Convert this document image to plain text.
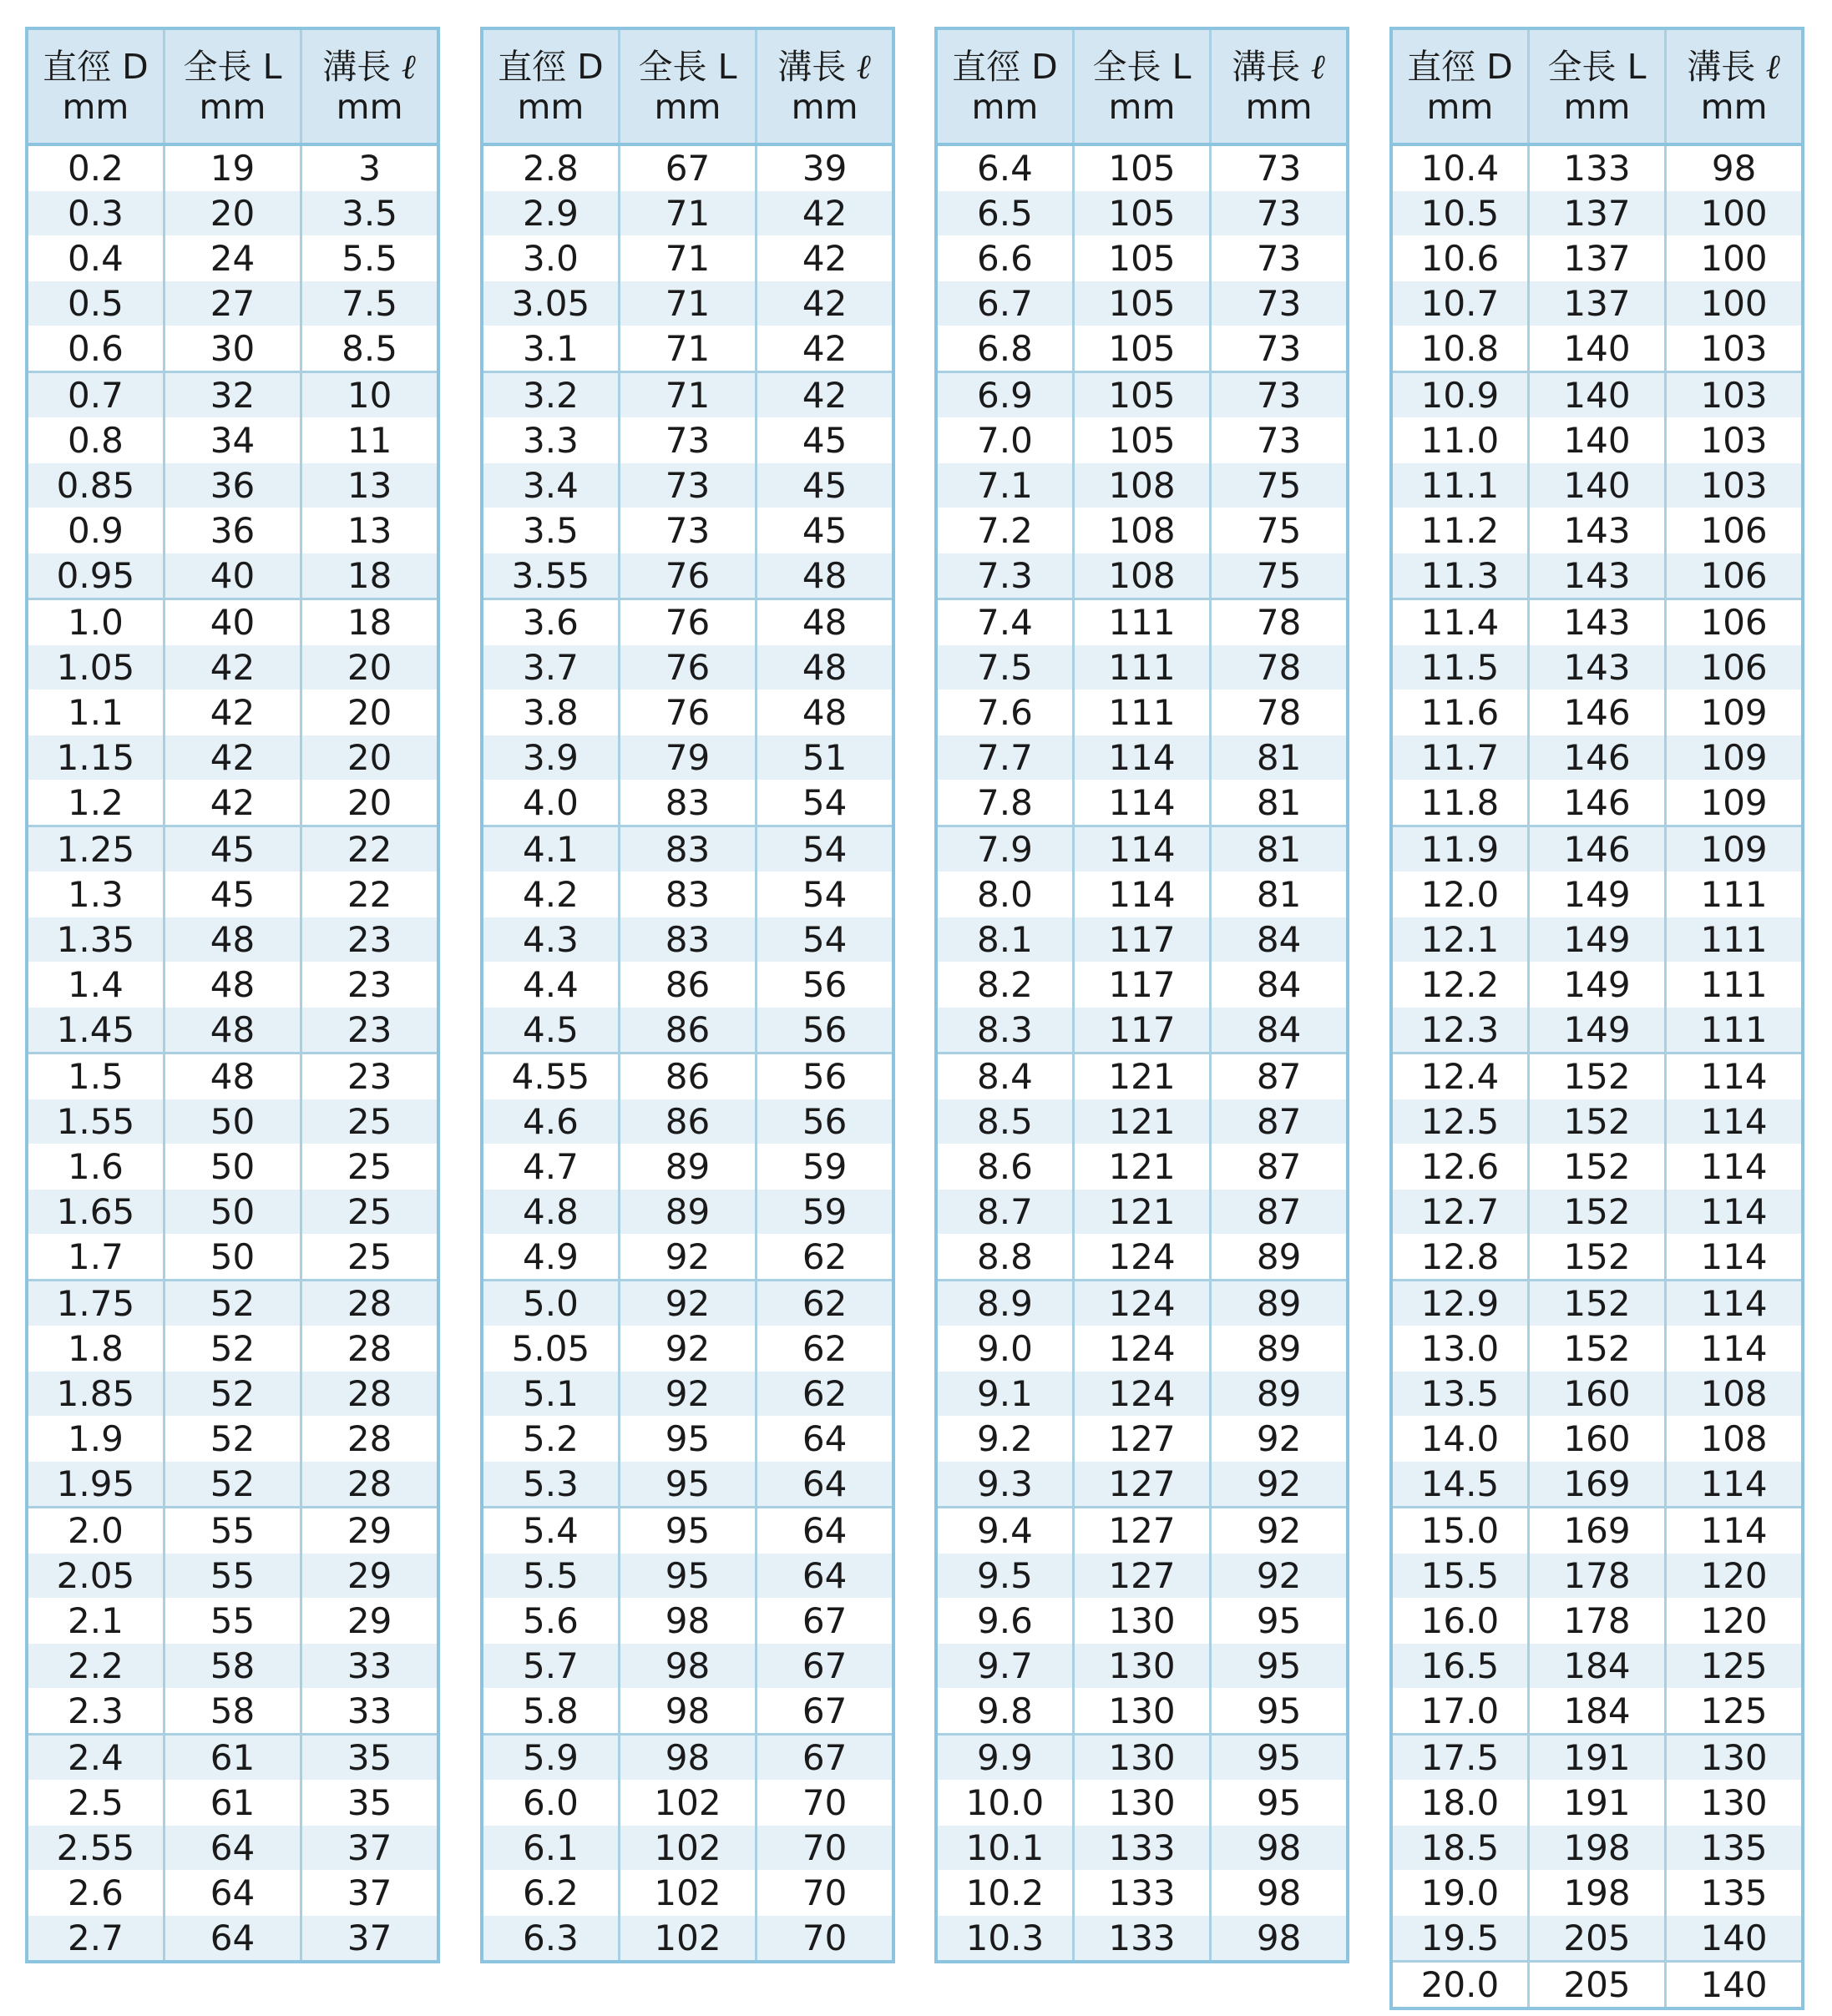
直徑 D
mm	全長 L
mm	溝長 ℓ
mm

0.2	19	3
0.3	20	3.5
0.4	24	5.5
0.5	27	7.5
0.6	30	8.5
0.7	32	10
0.8	34	11
0.85	36	13
0.9	36	13
0.95	40	18
1.0	40	18
1.05	42	20
1.1	42	20
1.15	42	20
1.2	42	20
1.25	45	22
1.3	45	22
1.35	48	23
1.4	48	23
1.45	48	23
1.5	48	23
1.55	50	25
1.6	50	25
1.65	50	25
1.7	50	25
1.75	52	28
1.8	52	28
1.85	52	28
1.9	52	28
1.95	52	28
2.0	55	29
2.05	55	29
2.1	55	29
2.2	58	33
2.3	58	33
2.4	61	35
2.5	61	35
2.55	64	37
2.6	64	37
2.7	64	37
直徑 D
mm	全長 L
mm	溝長 ℓ
mm

2.8	67	39
2.9	71	42
3.0	71	42
3.05	71	42
3.1	71	42
3.2	71	42
3.3	73	45
3.4	73	45
3.5	73	45
3.55	76	48
3.6	76	48
3.7	76	48
3.8	76	48
3.9	79	51
4.0	83	54
4.1	83	54
4.2	83	54
4.3	83	54
4.4	86	56
4.5	86	56
4.55	86	56
4.6	86	56
4.7	89	59
4.8	89	59
4.9	92	62
5.0	92	62
5.05	92	62
5.1	92	62
5.2	95	64
5.3	95	64
5.4	95	64
5.5	95	64
5.6	98	67
5.7	98	67
5.8	98	67
5.9	98	67
6.0	102	70
6.1	102	70
6.2	102	70
6.3	102	70
直徑 D
mm	全長 L
mm	溝長 ℓ
mm

6.4	105	73
6.5	105	73
6.6	105	73
6.7	105	73
6.8	105	73
6.9	105	73
7.0	105	73
7.1	108	75
7.2	108	75
7.3	108	75
7.4	111	78
7.5	111	78
7.6	111	78
7.7	114	81
7.8	114	81
7.9	114	81
8.0	114	81
8.1	117	84
8.2	117	84
8.3	117	84
8.4	121	87
8.5	121	87
8.6	121	87
8.7	121	87
8.8	124	89
8.9	124	89
9.0	124	89
9.1	124	89
9.2	127	92
9.3	127	92
9.4	127	92
9.5	127	92
9.6	130	95
9.7	130	95
9.8	130	95
9.9	130	95
10.0	130	95
10.1	133	98
10.2	133	98
10.3	133	98
直徑 D
mm	全長 L
mm	溝長 ℓ
mm

10.4	133	98
10.5	137	100
10.6	137	100
10.7	137	100
10.8	140	103
10.9	140	103
11.0	140	103
11.1	140	103
11.2	143	106
11.3	143	106
11.4	143	106
11.5	143	106
11.6	146	109
11.7	146	109
11.8	146	109
11.9	146	109
12.0	149	111
12.1	149	111
12.2	149	111
12.3	149	111
12.4	152	114
12.5	152	114
12.6	152	114
12.7	152	114
12.8	152	114
12.9	152	114
13.0	152	114
13.5	160	108
14.0	160	108
14.5	169	114
15.0	169	114
15.5	178	120
16.0	178	120
16.5	184	125
17.0	184	125
17.5	191	130
18.0	191	130
18.5	198	135
19.0	198	135
19.5	205	140
20.0	205	140
